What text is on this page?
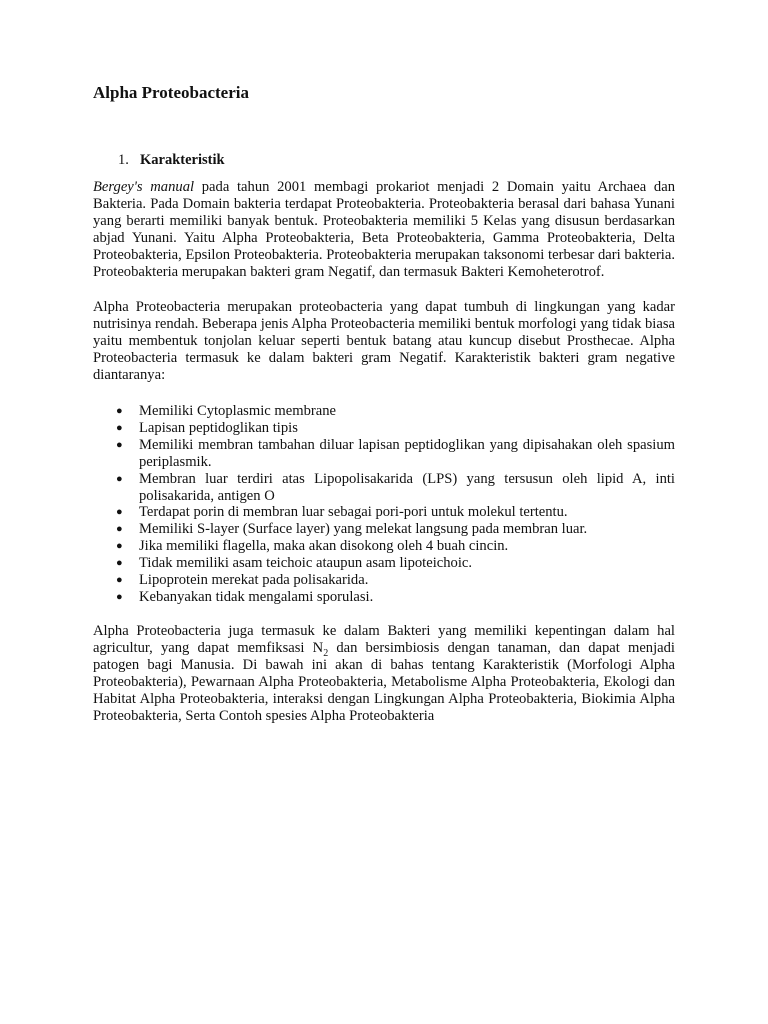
Alpha Proteobacteria
1. Karakteristik

Bergey's manual pada tahun 2001 membagi prokariot menjadi 2 Domain yaitu Archaea dan Bakteria. Pada Domain bakteria terdapat Proteobakteria. Proteobakteria berasal dari bahasa Yunani yang berarti memiliki banyak bentuk. Proteobakteria memiliki 5 Kelas yang disusun berdasarkan abjad Yunani. Yaitu Alpha Proteobakteria, Beta Proteobakteria, Gamma Proteobakteria, Delta Proteobakteria, Epsilon Proteobakteria. Proteobakteria merupakan taksonomi terbesar dari bakteria. Proteobakteria merupakan bakteri gram Negatif, dan termasuk Bakteri Kemoheterotrof.

Alpha Proteobacteria merupakan proteobacteria yang dapat tumbuh di lingkungan yang kadar nutrisinya rendah. Beberapa jenis Alpha Proteobacteria memiliki bentuk morfologi yang tidak biasa yaitu membentuk tonjolan keluar seperti bentuk batang atau kuncup disebut Prosthecae. Alpha Proteobacteria termasuk ke dalam bakteri gram Negatif. Karakteristik bakteri gram negative diantaranya:

● Memiliki Cytoplasmic membrane
● Lapisan peptidoglikan tipis
● Memiliki membran tambahan diluar lapisan peptidoglikan yang dipisahakan oleh spasium periplasmik.
● Membran luar terdiri atas Lipopolisakarida (LPS) yang tersusun oleh lipid A, inti polisakarida, antigen O
● Terdapat porin di membran luar sebagai pori-pori untuk molekul tertentu.
● Memiliki S-layer (Surface layer) yang melekat langsung pada membran luar.
● Jika memiliki flagella, maka akan disokong oleh 4 buah cincin.
● Tidak memiliki asam teichoic ataupun asam lipoteichoic.
● Lipoprotein merekat pada polisakarida.
● Kebanyakan tidak mengalami sporulasi.

Alpha Proteobacteria juga termasuk ke dalam Bakteri yang memiliki kepentingan dalam hal agricultur, yang dapat memfiksasi $N_2$ dan bersimbiosis dengan tanaman, dan dapat menjadi patogen bagi Manusia. Di bawah ini akan di bahas tentang Karakteristik (Morfologi Alpha Proteobakteria), Pewarnaan Alpha Proteobakteria, Metabolisme Alpha Proteobakteria, Ekologi dan Habitat Alpha Proteobakteria, interaksi dengan Lingkungan Alpha Proteobakteria, Biokimia Alpha Proteobakteria, Serta Contoh spesies Alpha Proteobakteria
